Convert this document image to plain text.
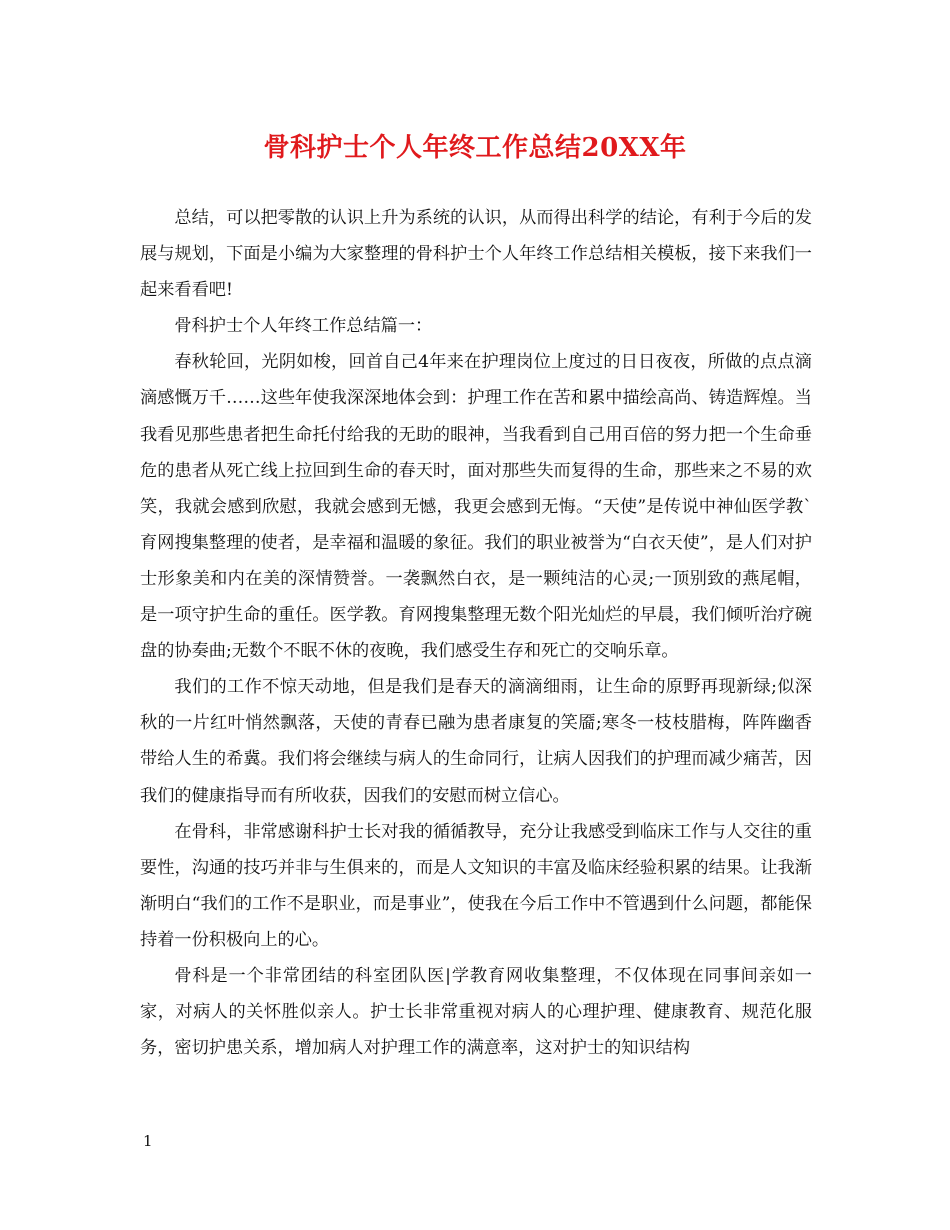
骨科护士个人年终工作总结20XX年

总结，可以把零散的认识上升为系统的认识，从而得出科学的结论，有利于今后的发展与规划，下面是小编为大家整理的骨科护士个人年终工作总结相关模板，接下来我们一起来看看吧!

骨科护士个人年终工作总结篇一：

春秋轮回，光阴如梭，回首自己4年来在护理岗位上度过的日日夜夜，所做的点点滴滴感慨万千……这些年使我深深地体会到：护理工作在苦和累中描绘高尚、铸造辉煌。当我看见那些患者把生命托付给我的无助的眼神，当我看到自己用百倍的努力把一个生命垂危的患者从死亡线上拉回到生命的春天时，面对那些失而复得的生命，那些来之不易的欢笑，我就会感到欣慰，我就会感到无憾，我更会感到无悔。“天使”是传说中神仙医学教`育网搜集整理的使者，是幸福和温暖的象征。我们的职业被誉为“白衣天使”，是人们对护士形象美和内在美的深情赞誉。一袭飘然白衣，是一颗纯洁的心灵;一顶别致的燕尾帽，是一项守护生命的重任。医学教。育网搜集整理无数个阳光灿烂的早晨，我们倾听治疗碗盘的协奏曲;无数个不眠不休的夜晚，我们感受生存和死亡的交响乐章。

我们的工作不惊天动地，但是我们是春天的滴滴细雨，让生命的原野再现新绿;似深秋的一片红叶悄然飘落，天使的青春已融为患者康复的笑靥;寒冬一枝枝腊梅，阵阵幽香带给人生的希冀。我们将会继续与病人的生命同行，让病人因我们的护理而减少痛苦，因我们的健康指导而有所收获，因我们的安慰而树立信心。

在骨科，非常感谢科护士长对我的循循教导，充分让我感受到临床工作与人交往的重要性，沟通的技巧并非与生俱来的，而是人文知识的丰富及临床经验积累的结果。让我渐渐明白“我们的工作不是职业，而是事业”，使我在今后工作中不管遇到什么问题，都能保持着一份积极向上的心。

骨科是一个非常团结的科室团队医|学教育网收集整理，不仅体现在同事间亲如一家，对病人的关怀胜似亲人。护士长非常重视对病人的心理护理、健康教育、规范化服务，密切护患关系，增加病人对护理工作的满意率，这对护士的知识结构

1
